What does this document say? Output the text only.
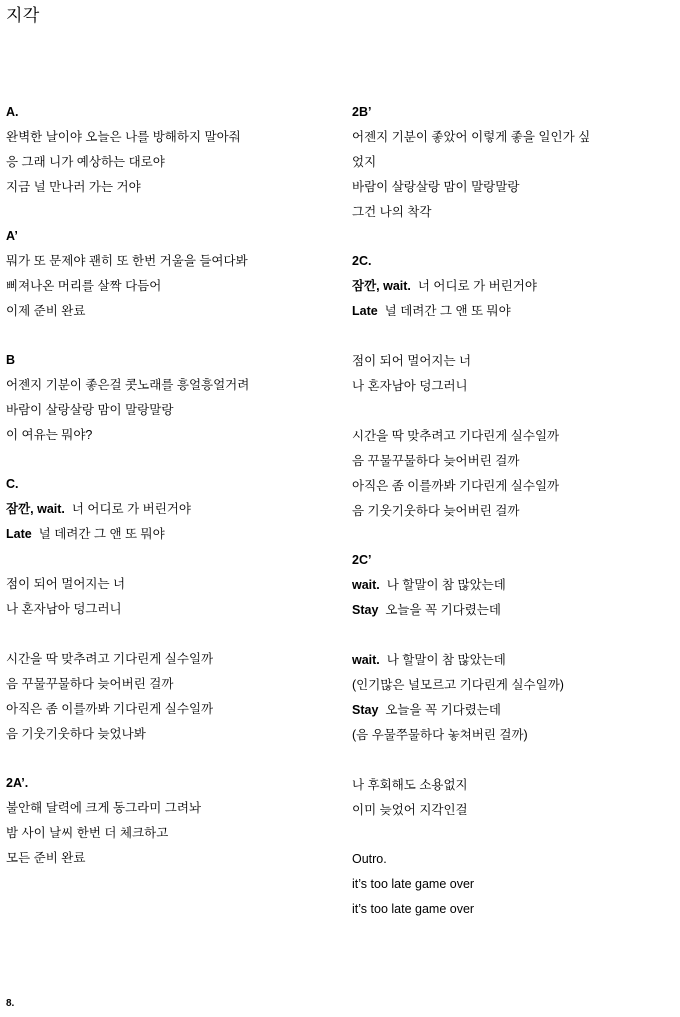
지각
A.
완벽한 날이야 오늘은 나를 방해하지 말아줘
응 그래 니가 예상하는 대로야
지금 널 만나러 가는 거야
A’
뭐가 또 문제야 괜히 또 한번 거울을 들여다봐
삐져나온 머리를 살짝 다듬어
이제 준비 완료
B
어젠지 기분이 좋은걸 콧노래를 흥얼흥얼거려
바람이 살랑살랑 맘이 말랑말랑
이 여유는 뭐야?
C.
잠깐, wait.  너 어디로 가 버린거야
Late  널 데려간 그 앤 또 뭐야
점이 되어 멀어지는 너
나 혼자남아 덩그러니
시간을 딱 맞추려고 기다린게 실수일까
음 꾸물꾸물하다 늦어버린 걸까
아직은 좀 이를까봐 기다린게 실수일까
음 기웃기웃하다 늦었나봐
2A’.
불안해 달력에 크게 동그라미 그려놔
밤 사이 날씨 한번 더 체크하고
모든 준비 완료
2B’
어젠지 기분이 좋았어 이렇게 좋을 일인가 싶
었지
바람이 살랑살랑 맘이 말랑말랑
그건 나의 착각
2C.
잠깐, wait.  너 어디로 가 버린거야
Late  널 데려간 그 앤 또 뭐야
점이 되어 멀어지는 너
나 혼자남아 덩그러니
시간을 딱 맞추려고 기다린게 실수일까
음 꾸물꾸물하다 늦어버린 걸까
아직은 좀 이를까봐 기다린게 실수일까
음 기웃기웃하다 늦어버린 걸까
2C’
wait.  나 할말이 참 많았는데
Stay  오늘을 꼭 기다렸는데
wait.  나 할말이 참 많았는데
(인기많은 널모르고 기다린게 실수일까)
Stay  오늘을 꼭 기다렸는데
(음 우물쭈물하다 놓쳐버린 걸까)
나 후회해도 소용없지
이미 늦었어 지각인걸
Outro.
it’s too late game over
it’s too late game over
8.
